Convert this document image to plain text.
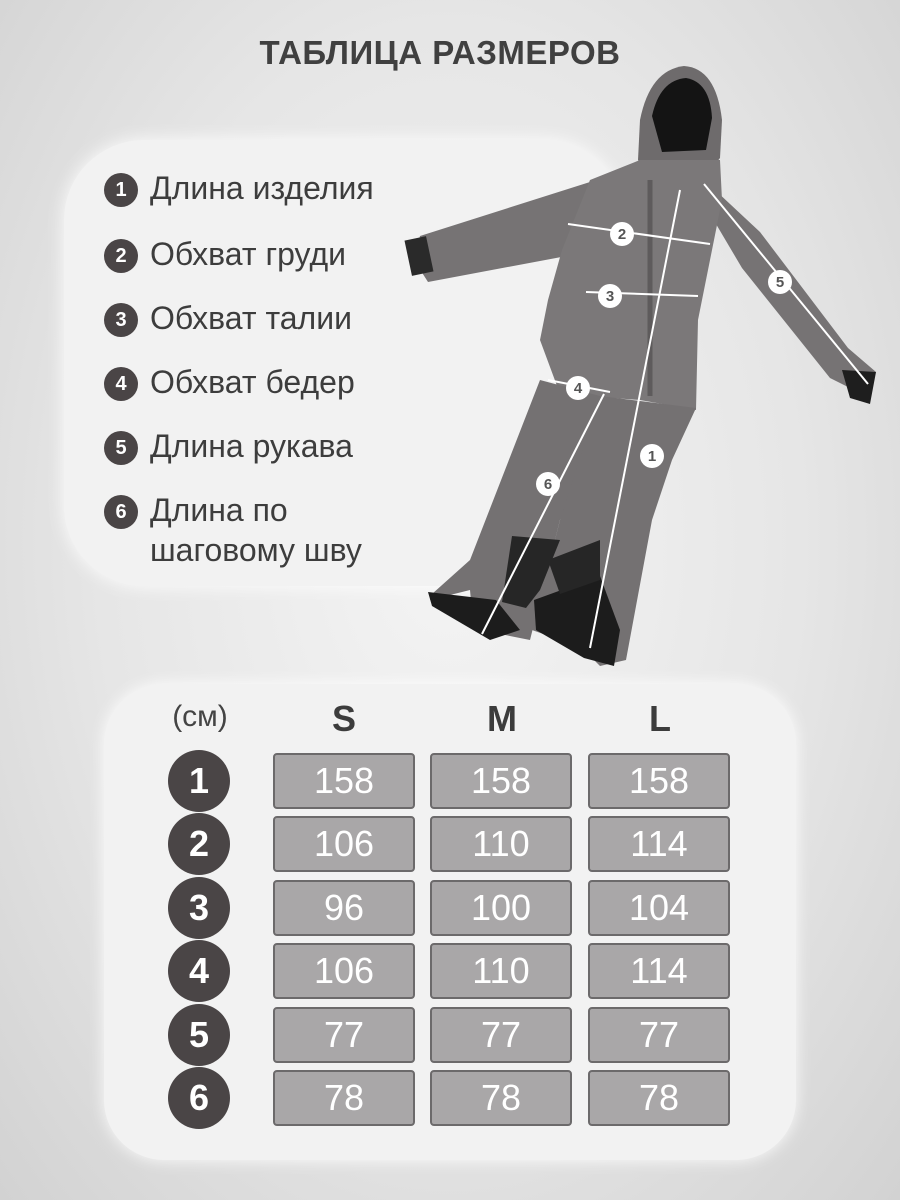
ТАБЛИЦА РАЗМЕРОВ
1 Длина изделия
2 Обхват груди
3 Обхват талии
4 Обхват бедер
5 Длина рукава
6 Длина по
шаговому шву
2
3
4
5
1
6
(см)	S	M	L
1	158	158	158
2	106	110	114
3	96	100	104
4	106	110	114
5	77	77	77
6	78	78	78
